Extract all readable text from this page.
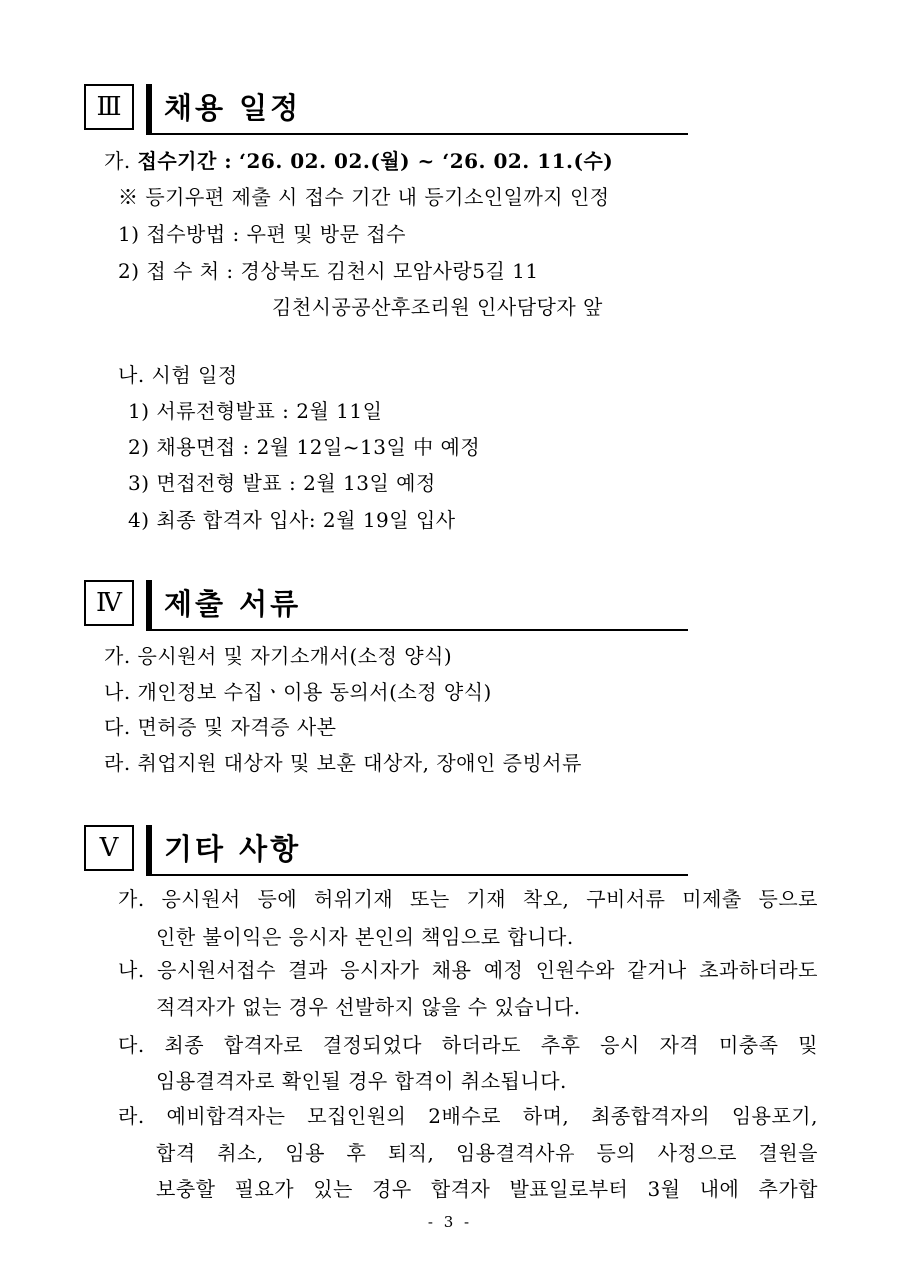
Ⅲ	채용 일정
가. 접수기간 : ‘26. 02. 02.(월) ~ ‘26. 02. 11.(수)
※ 등기우편 제출 시 접수 기간 내 등기소인일까지 인정
1) 접수방법 : 우편 및 방문 접수
2) 접 수 처 : 경상북도 김천시 모암사랑5길 11
김천시공공산후조리원 인사담당자 앞
나. 시험 일정
1) 서류전형발표 : 2월 11일
2) 채용면접 : 2월 12일~13일 中 예정
3) 면접전형 발표 : 2월 13일 예정
4) 최종 합격자 입사: 2월 19일 입사
Ⅳ	제출 서류
가. 응시원서 및 자기소개서(소정 양식)
나. 개인정보 수집ㆍ이용 동의서(소정 양식)
다. 면허증 및 자격증 사본
라. 취업지원 대상자 및 보훈 대상자, 장애인 증빙서류
Ⅴ	기타 사항
가. 응시원서 등에 허위기재 또는 기재 착오, 구비서류 미제출 등으로
인한 불이익은 응시자 본인의 책임으로 합니다.
나. 응시원서접수 결과 응시자가 채용 예정 인원수와 같거나 초과하더라도
적격자가 없는 경우 선발하지 않을 수 있습니다.
다. 최종 합격자로 결정되었다 하더라도 추후 응시 자격 미충족 및
임용결격자로 확인될 경우 합격이 취소됩니다.
라. 예비합격자는 모집인원의 2배수로 하며, 최종합격자의 임용포기,
합격 취소, 임용 후 퇴직, 임용결격사유 등의 사정으로 결원을
보충할 필요가 있는 경우 합격자 발표일로부터 3월 내에 추가합
- 3 -
